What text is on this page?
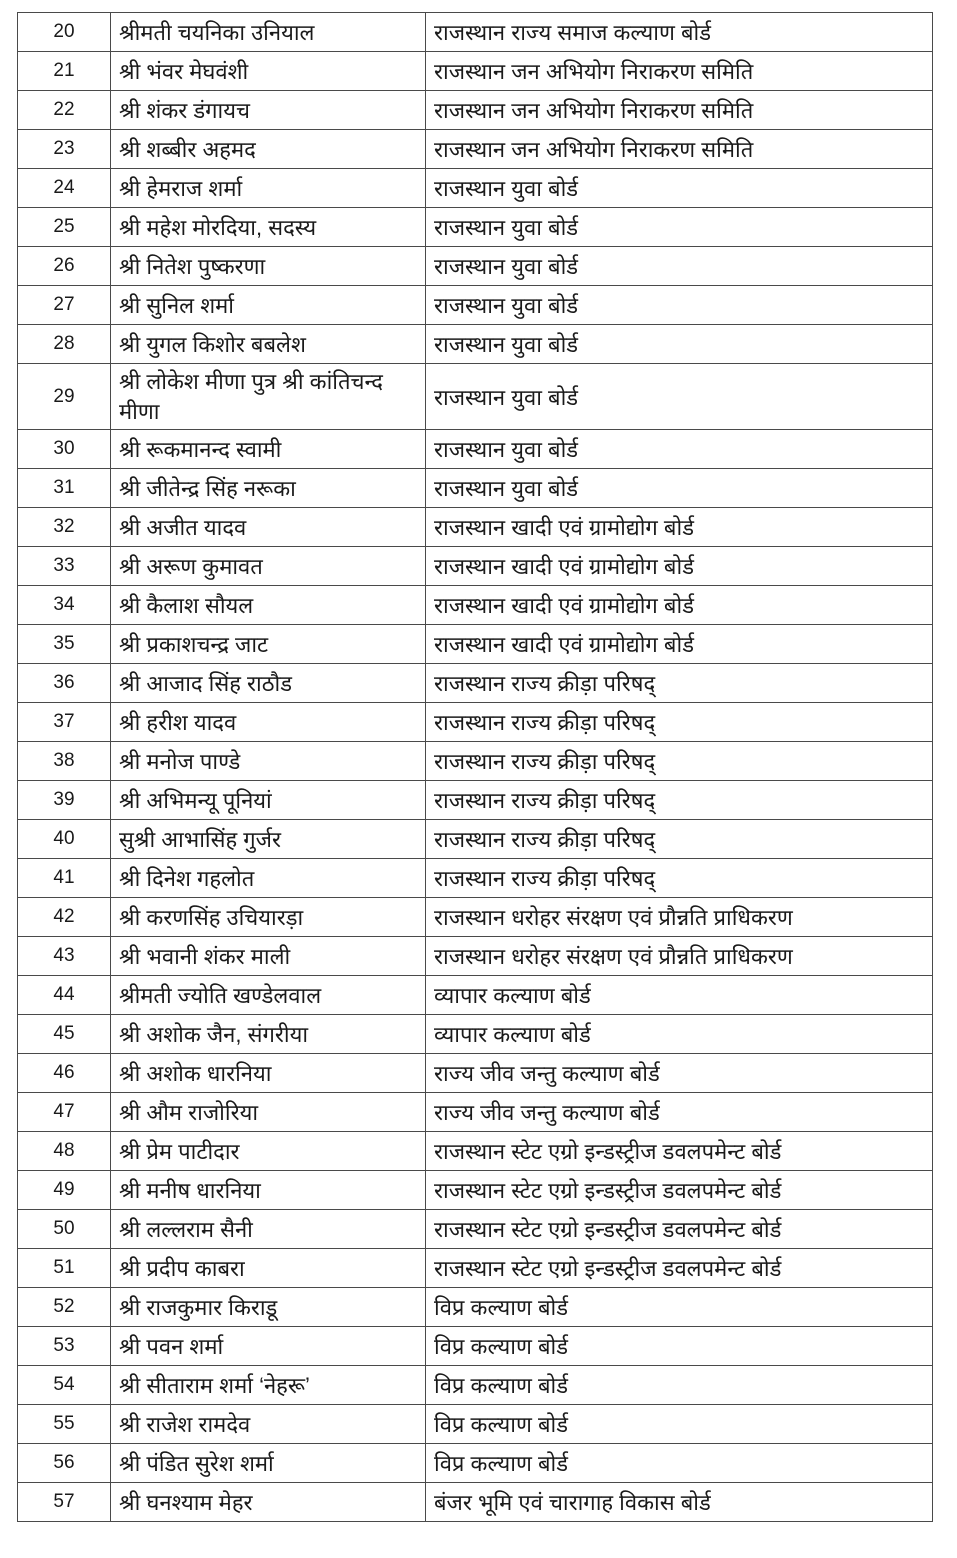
20	श्रीमती चयनिका उनियाल	राजस्थान राज्य समाज कल्याण बोर्ड
21	श्री भंवर मेघवंशी	राजस्थान जन अभियोग निराकरण समिति
22	श्री शंकर डंगायच	राजस्थान जन अभियोग निराकरण समिति
23	श्री शब्बीर अहमद	राजस्थान जन अभियोग निराकरण समिति
24	श्री हेमराज शर्मा	राजस्थान युवा बोर्ड
25	श्री महेश मोरदिया, सदस्य	राजस्थान युवा बोर्ड
26	श्री नितेश पुष्करणा	राजस्थान युवा बोर्ड
27	श्री सुनिल शर्मा	राजस्थान युवा बोर्ड
28	श्री युगल किशोर बबलेश	राजस्थान युवा बोर्ड
29	श्री लोकेश मीणा पुत्र श्री कांतिचन्द मीणा	राजस्थान युवा बोर्ड
30	श्री रूकमानन्द स्वामी	राजस्थान युवा बोर्ड
31	श्री जीतेन्द्र सिंह नरूका	राजस्थान युवा बोर्ड
32	श्री अजीत यादव	राजस्थान खादी एवं ग्रामोद्योग बोर्ड
33	श्री अरूण कुमावत	राजस्थान खादी एवं ग्रामोद्योग बोर्ड
34	श्री कैलाश सौयल	राजस्थान खादी एवं ग्रामोद्योग बोर्ड
35	श्री प्रकाशचन्द्र जाट	राजस्थान खादी एवं ग्रामोद्योग बोर्ड
36	श्री आजाद सिंह राठौड	राजस्थान राज्य क्रीड़ा परिषद्
37	श्री हरीश यादव	राजस्थान राज्य क्रीड़ा परिषद्
38	श्री मनोज पाण्डे	राजस्थान राज्य क्रीड़ा परिषद्
39	श्री अभिमन्यू पूनियां	राजस्थान राज्य क्रीड़ा परिषद्
40	सुश्री आभासिंह गुर्जर	राजस्थान राज्य क्रीड़ा परिषद्
41	श्री दिनेश गहलोत	राजस्थान राज्य क्रीड़ा परिषद्
42	श्री करणसिंह उचियारड़ा	राजस्थान धरोहर संरक्षण एवं प्रौन्नति प्राधिकरण
43	श्री भवानी शंकर माली	राजस्थान धरोहर संरक्षण एवं प्रौन्नति प्राधिकरण
44	श्रीमती ज्योति खण्डेलवाल	व्यापार कल्याण बोर्ड
45	श्री अशोक जैन, संगरीया	व्यापार कल्याण बोर्ड
46	श्री अशोक धारनिया	राज्य जीव जन्तु कल्याण बोर्ड
47	श्री औम राजोरिया	राज्य जीव जन्तु कल्याण बोर्ड
48	श्री प्रेम पाटीदार	राजस्थान स्टेट एग्रो इन्डस्ट्रीज डवलपमेन्ट बोर्ड
49	श्री मनीष धारनिया	राजस्थान स्टेट एग्रो इन्डस्ट्रीज डवलपमेन्ट बोर्ड
50	श्री लल्लराम सैनी	राजस्थान स्टेट एग्रो इन्डस्ट्रीज डवलपमेन्ट बोर्ड
51	श्री प्रदीप काबरा	राजस्थान स्टेट एग्रो इन्डस्ट्रीज डवलपमेन्ट बोर्ड
52	श्री राजकुमार किराडू	विप्र कल्याण बोर्ड
53	श्री पवन शर्मा	विप्र कल्याण बोर्ड
54	श्री सीताराम शर्मा ‘नेहरू’	विप्र कल्याण बोर्ड
55	श्री राजेश रामदेव	विप्र कल्याण बोर्ड
56	श्री पंडित सुरेश शर्मा	विप्र कल्याण बोर्ड
57	श्री घनश्याम मेहर	बंजर भूमि एवं चारागाह विकास बोर्ड
